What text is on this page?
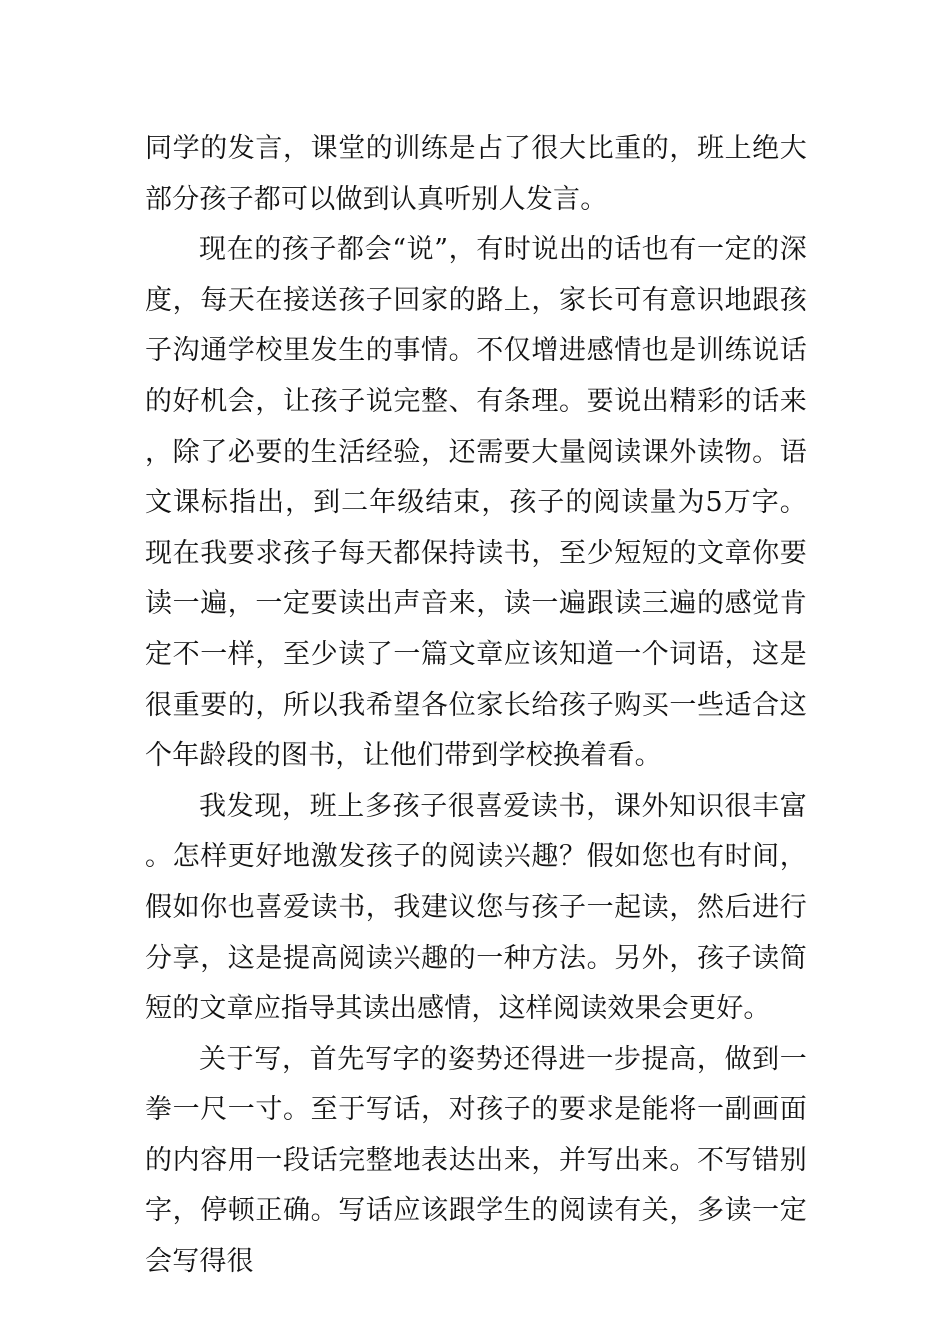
同学的发言，课堂的训练是占了很大比重的，班上绝大部分孩子都可以做到认真听别人发言。

现在的孩子都会“说”，有时说出的话也有一定的深度，每天在接送孩子回家的路上，家长可有意识地跟孩子沟通学校里发生的事情。不仅增进感情也是训练说话的好机会，让孩子说完整、有条理。要说出精彩的话来，除了必要的生活经验，还需要大量阅读课外读物。语文课标指出，到二年级结束，孩子的阅读量为5万字。现在我要求孩子每天都保持读书，至少短短的文章你要读一遍，一定要读出声音来，读一遍跟读三遍的感觉肯定不一样，至少读了一篇文章应该知道一个词语，这是很重要的，所以我希望各位家长给孩子购买一些适合这个年龄段的图书，让他们带到学校换着看。

我发现，班上多孩子很喜爱读书，课外知识很丰富。怎样更好地激发孩子的阅读兴趣？假如您也有时间，假如你也喜爱读书，我建议您与孩子一起读，然后进行分享，这是提高阅读兴趣的一种方法。另外，孩子读简短的文章应指导其读出感情，这样阅读效果会更好。

关于写，首先写字的姿势还得进一步提高，做到一拳一尺一寸。至于写话，对孩子的要求是能将一副画面的内容用一段话完整地表达出来，并写出来。不写错别字，停顿正确。写话应该跟学生的阅读有关，多读一定会写得很
